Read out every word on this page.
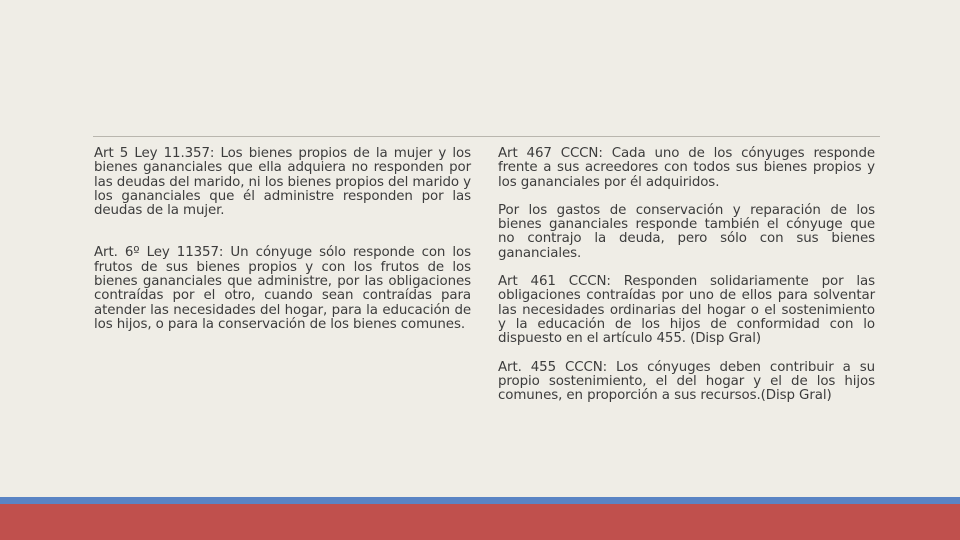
Art 5 Ley 11.357: Los bienes propios de la mujer y los bienes gananciales que ella adquiera no responden por las deudas del marido, ni los bienes propios del marido y los gananciales que él administre responden por las deudas de la mujer.

Art. 6º Ley 11357: Un cónyuge sólo responde con los frutos de sus bienes propios y con los frutos de los bienes gananciales que administre, por las obligaciones contraídas por el otro, cuando sean contraídas para atender las necesidades del hogar, para la educación de los hijos, o para la conservación de los bienes comunes.

Art 467 CCCN: Cada uno de los cónyuges responde frente a sus acreedores con todos sus bienes propios y los gananciales por él adquiridos.

Por los gastos de conservación y reparación de los bienes gananciales responde también el cónyuge que no contrajo la deuda, pero sólo con sus bienes gananciales.

Art 461 CCCN: Responden solidariamente por las obligaciones contraídas por uno de ellos para solventar las necesidades ordinarias del hogar o el sostenimiento y la educación de los hijos de conformidad con lo dispuesto en el artículo 455. (Disp Gral)

Art. 455 CCCN: Los cónyuges deben contribuir a su propio sostenimiento, el del hogar y el de los hijos comunes, en proporción a sus recursos.(Disp Gral)
